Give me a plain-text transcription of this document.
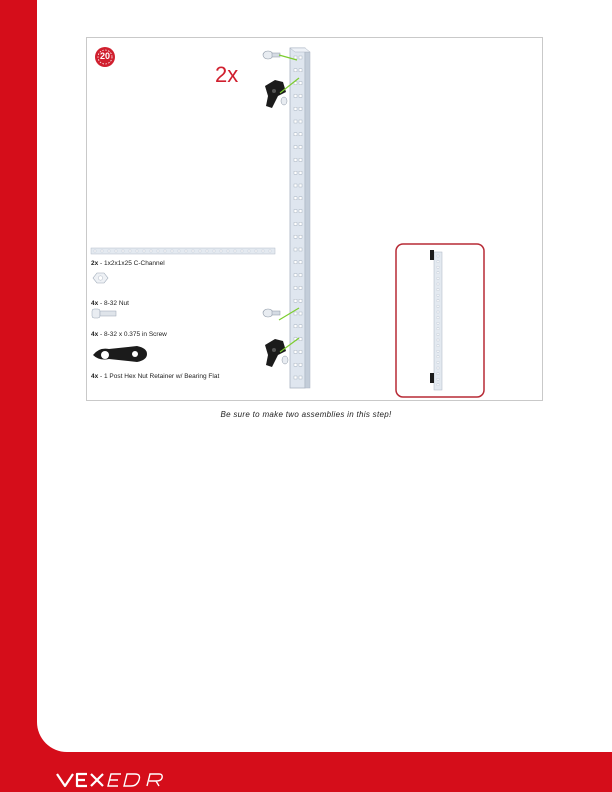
20
2x
2x - 1x2x1x25 C-Channel
4x - 8-32 Nut
4x - 8-32 x 0.375 in Screw
4x - 1 Post Hex Nut Retainer w/ Bearing Flat
Be sure to make two assemblies in this step!
